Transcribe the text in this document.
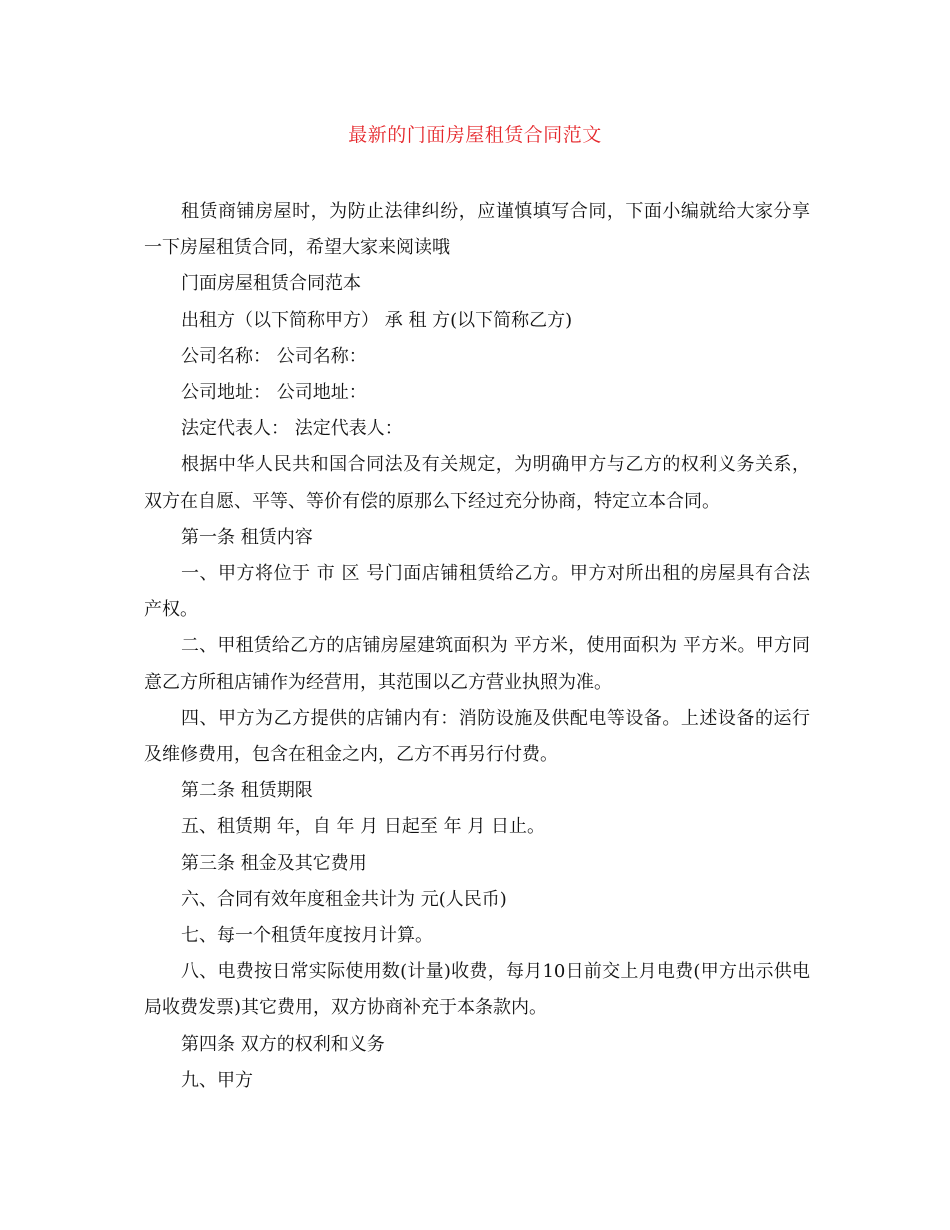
最新的门面房屋租赁合同范文

租赁商铺房屋时，为防止法律纠纷，应谨慎填写合同，下面小编就给大家分享一下房屋租赁合同，希望大家来阅读哦

门面房屋租赁合同范本

出租方（以下简称甲方） 承 租 方(以下简称乙方)

公司名称： 公司名称：

公司地址： 公司地址：

法定代表人： 法定代表人：

根据中华人民共和国合同法及有关规定，为明确甲方与乙方的权利义务关系，双方在自愿、平等、等价有偿的原那么下经过充分协商，特定立本合同。

第一条 租赁内容

一、甲方将位于 市 区 号门面店铺租赁给乙方。甲方对所出租的房屋具有合法产权。

二、甲租赁给乙方的店铺房屋建筑面积为 平方米，使用面积为 平方米。甲方同意乙方所租店铺作为经营用，其范围以乙方营业执照为准。

四、甲方为乙方提供的店铺内有：消防设施及供配电等设备。上述设备的运行及维修费用，包含在租金之内，乙方不再另行付费。

第二条 租赁期限

五、租赁期 年，自 年 月 日起至 年 月 日止。

第三条 租金及其它费用

六、合同有效年度租金共计为 元(人民币)

七、每一个租赁年度按月计算。

八、电费按日常实际使用数(计量)收费，每月10日前交上月电费(甲方出示供电局收费发票)其它费用，双方协商补充于本条款内。

第四条 双方的权利和义务

九、甲方
